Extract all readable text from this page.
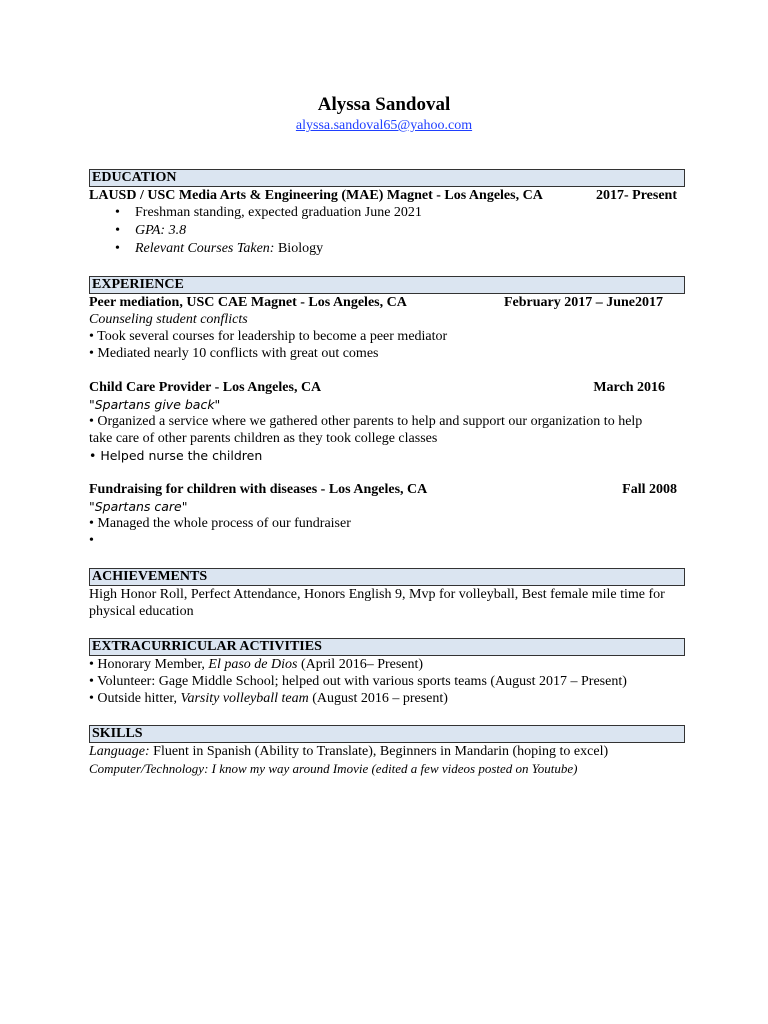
Alyssa Sandoval
alyssa.sandoval65@yahoo.com
EDUCATION
LAUSD / USC Media Arts & Engineering (MAE) Magnet - Los Angeles, CA	2017- Present
• Freshman standing, expected graduation June 2021
• GPA: 3.8
• Relevant Courses Taken: Biology
EXPERIENCE
Peer mediation, USC CAE Magnet - Los Angeles, CA	February 2017 – June2017
Counseling student conflicts
• Took several courses for leadership to become a peer mediator
• Mediated nearly 10 conflicts with great out comes
Child Care Provider - Los Angeles, CA	March 2016
"Spartans give back"
• Organized a service where we gathered other parents to help and support our organization to help take care of other parents children as they took college classes
• Helped nurse the children
Fundraising for children with diseases - Los Angeles, CA	Fall 2008
"Spartans care"
• Managed the whole process of our fundraiser
•
ACHIEVEMENTS
High Honor Roll, Perfect Attendance, Honors English 9, Mvp for volleyball, Best female mile time for physical education
EXTRACURRICULAR ACTIVITIES
• Honorary Member, El paso de Dios (April 2016– Present)
• Volunteer: Gage Middle School; helped out with various sports teams (August 2017 – Present)
• Outside hitter, Varsity volleyball team (August 2016 – present)
SKILLS
Language: Fluent in Spanish (Ability to Translate), Beginners in Mandarin (hoping to excel)
Computer/Technology: I know my way around Imovie (edited a few videos posted on Youtube)
